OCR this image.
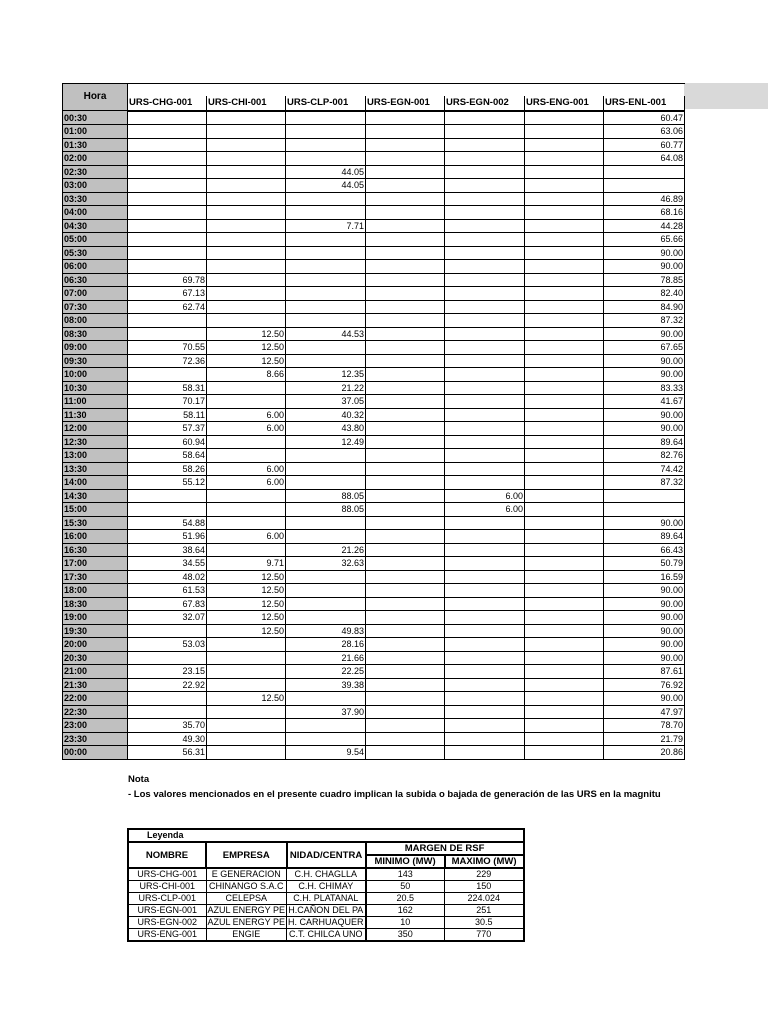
Hora							
	URS-CHG-001	URS-CHI-001	URS-CLP-001	URS-EGN-001	URS-EGN-002	URS-ENG-001	URS-ENL-001
00:30							60.47
01:00							63.06
01:30							60.77
02:00							64.08
02:30			44.05				
03:00			44.05				
03:30							46.89
04:00							68.16
04:30			7.71				44.28
05:00							65.66
05:30							90.00
06:00							90.00
06:30	69.78						78.85
07:00	67.13						82.40
07:30	62.74						84.90
08:00							87.32
08:30		12.50	44.53				90.00
09:00	70.55	12.50					67.65
09:30	72.36	12.50					90.00
10:00		8.66	12.35				90.00
10:30	58.31		21.22				83.33
11:00	70.17		37.05				41.67
11:30	58.11	6.00	40.32				90.00
12:00	57.37	6.00	43.80				90.00
12:30	60.94		12.49				89.64
13:00	58.64						82.76
13:30	58.26	6.00					74.42
14:00	55.12	6.00					87.32
14:30			88.05		6.00		
15:00			88.05		6.00		
15:30	54.88						90.00
16:00	51.96	6.00					89.64
16:30	38.64		21.26				66.43
17:00	34.55	9.71	32.63				50.79
17:30	48.02	12.50					16.59
18:00	61.53	12.50					90.00
18:30	67.83	12.50					90.00
19:00	32.07	12.50					90.00
19:30		12.50	49.83				90.00
20:00	53.03		28.16				90.00
20:30			21.66				90.00
21:00	23.15		22.25				87.61
21:30	22.92		39.38				76.92
22:00		12.50					90.00
22:30			37.90				47.97
23:00	35.70						78.70
23:30	49.30						21.79
00:00	56.31		9.54				20.86
Nota
- Los valores mencionados en el presente cuadro implican la subida o bajada de generación de las URS en la magnitu
Leyenda				
NOMBRE	EMPRESA	NIDAD/CENTRA	MARGEN DE RSF	
			MINIMO (MW)	MAXIMO (MW)
URS-CHG-001	E GENERACION	C.H. CHAGLLA	143	229
URS-CHI-001	CHINANGO S.A.C	C.H. CHIMAY	50	150
URS-CLP-001	CELEPSA	C.H. PLATANAL	20.5	224.024
URS-EGN-001	AZUL ENERGY PE	H.CAÑON DEL PA	162	251
URS-EGN-002	AZUL ENERGY PE	H. CARHUAQUER	10	30.5
URS-ENG-001	ENGIE	C.T. CHILCA UNO	350	770
